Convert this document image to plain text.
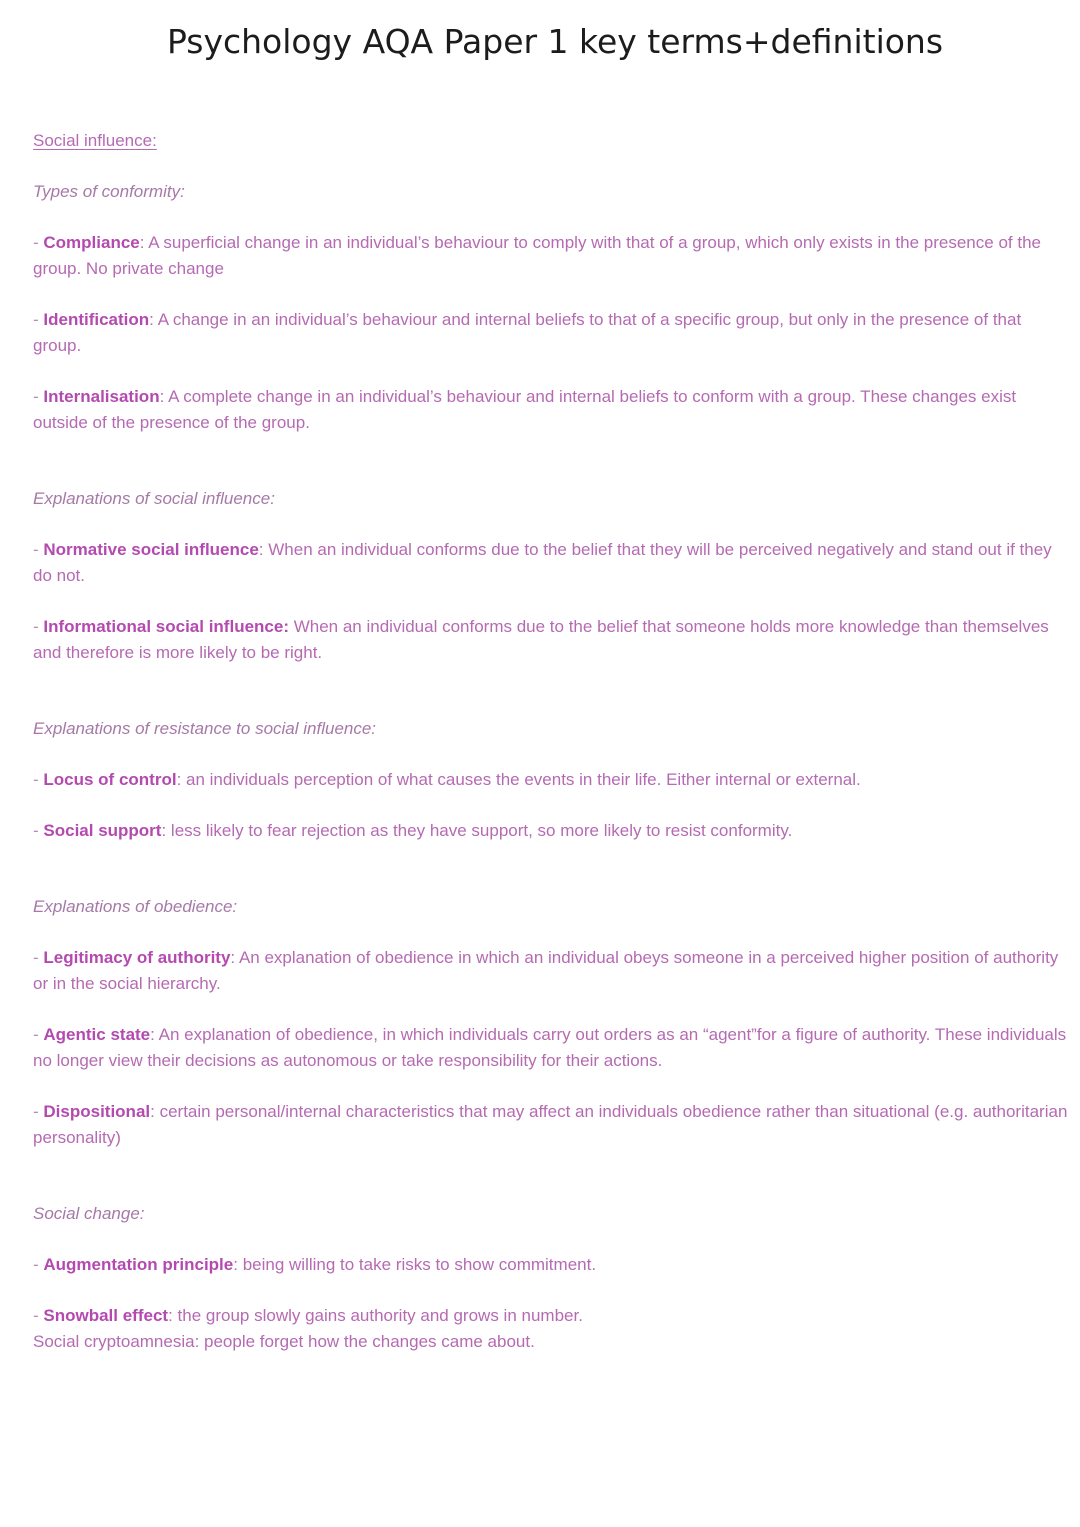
Psychology AQA Paper 1 key terms+definitions

Social influence:

Types of conformity:

- Compliance: A superficial change in an individual’s behaviour to comply with that of a group, which only exists in the presence of the group. No private change

- Identification: A change in an individual’s behaviour and internal beliefs to that of a specific group, but only in the presence of that group.

- Internalisation: A complete change in an individual’s behaviour and internal beliefs to conform with a group. These changes exist outside of the presence of the group.

Explanations of social influence:

- Normative social influence: When an individual conforms due to the belief that they will be perceived negatively and stand out if they do not.

- Informational social influence: When an individual conforms due to the belief that someone holds more knowledge than themselves and therefore is more likely to be right.

Explanations of resistance to social influence:

- Locus of control: an individuals perception of what causes the events in their life. Either internal or external.

- Social support: less likely to fear rejection as they have support, so more likely to resist conformity.

Explanations of obedience:

- Legitimacy of authority: An explanation of obedience in which an individual obeys someone in a perceived higher position of authority or in the social hierarchy.

- Agentic state: An explanation of obedience, in which individuals carry out orders as an “agent”for a figure of authority. These individuals no longer view their decisions as autonomous or take responsibility for their actions.

- Dispositional: certain personal/internal characteristics that may affect an individuals obedience rather than situational (e.g. authoritarian personality)

Social change:

- Augmentation principle: being willing to take risks to show commitment.

- Snowball effect: the group slowly gains authority and grows in number.

Social cryptoamnesia: people forget how the changes came about.
